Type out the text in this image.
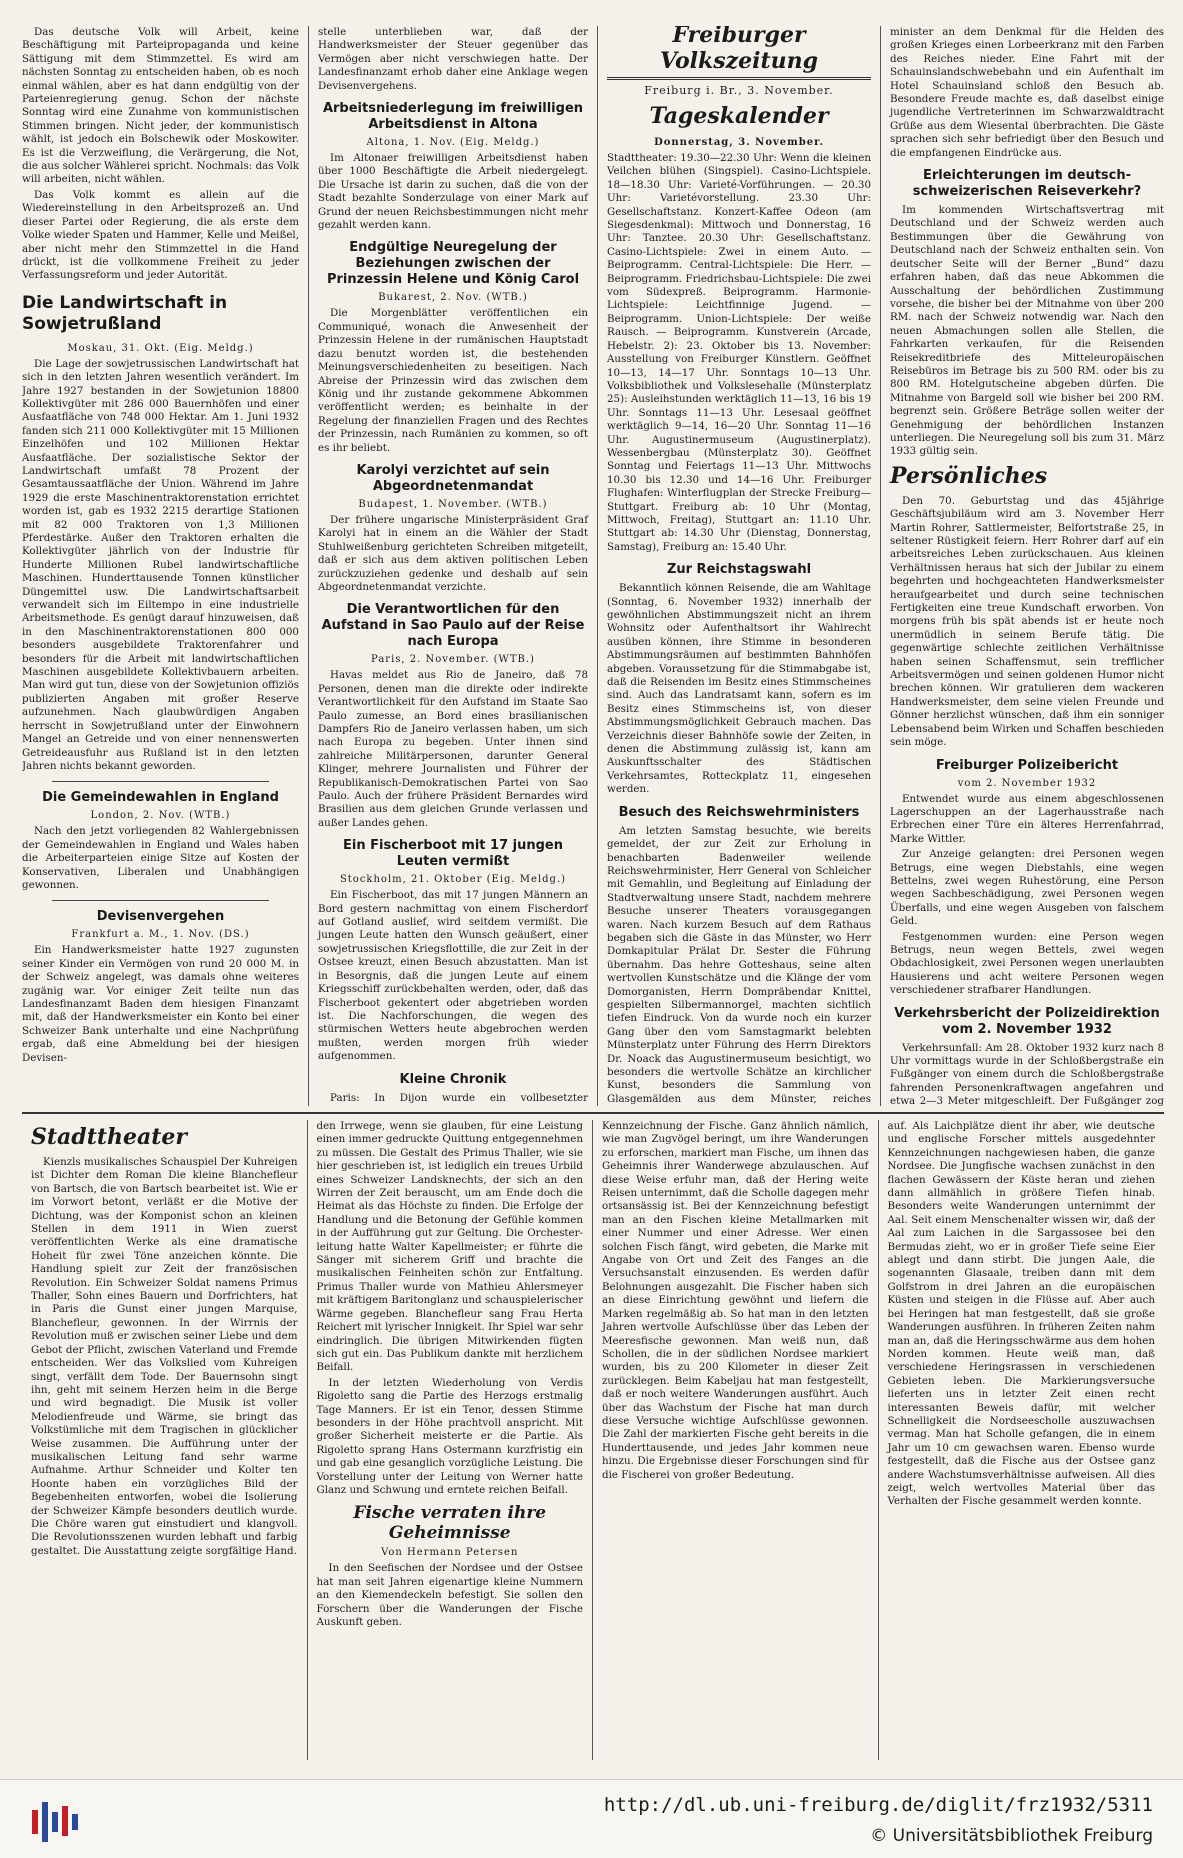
Das deutsche Volk will Arbeit, keine Beschäftigung mit Parteipropaganda und keine Sättigung mit dem Stimmzettel. Es wird am nächsten Sonntag zu entscheiden haben, ob es noch einmal wählen, aber es hat dann endgültig von der Parteienregierung genug. Schon der nächste Sonntag wird eine Zunahme von kommunistischen Stimmen bringen. Nicht jeder, der kommunistisch wählt, ist jedoch ein Bolschewik oder Moskowiter. Es ist die Verzweiflung, die Verärgerung, die Not, die aus solcher Wählerei spricht. Nochmals: das Volk will arbeiten, nicht wählen.

Das Volk kommt es allein auf die Wiedereinstellung in den Arbeitsprozeß an. Und dieser Partei oder Regierung, die als erste dem Volke wieder Spaten und Hammer, Kelle und Meißel, aber nicht mehr den Stimmzettel in die Hand drückt, ist die vollkommene Freiheit zu jeder Verfassungsreform und jeder Autorität.

Die Landwirtschaft in Sowjetrußland
Moskau, 31. Okt. (Eig. Meldg.)

Die Lage der sowjetrussischen Landwirtschaft hat sich in den letzten Jahren wesentlich verändert. Im Jahre 1927 bestanden in der Sowjetunion 18800 Kollektivgüter mit 286 000 Bauernhöfen und einer Ausfaatfläche von 748 000 Hektar. Am 1. Juni 1932 fanden sich 211 000 Kollektivgüter mit 15 Millionen Einzelhöfen und 102 Millionen Hektar Ausfaatfläche. Der sozialistische Sektor der Landwirtschaft umfaßt 78 Prozent der Gesamtaussaatfläche der Union. Während im Jahre 1929 die erste Maschinentraktorenstation errichtet worden ist, gab es 1932 2215 derartige Stationen mit 82 000 Traktoren von 1,3 Millionen Pferdestärke. Außer den Traktoren erhalten die Kollektivgüter jährlich von der Industrie für Hunderte Millionen Rubel landwirtschaftliche Maschinen. Hunderttausende Tonnen künstlicher Düngemittel usw. Die Landwirtschaftsarbeit verwandelt sich im Eiltempo in eine industrielle Arbeitsmethode. Es genügt darauf hinzuweisen, daß in den Maschinentraktorenstationen 800 000 besonders ausgebildete Traktorenfahrer und besonders für die Arbeit mit landwirtschaftlichen Maschinen ausgebildete Kollektivbauern arbeiten. Man wird gut tun, diese von der Sowjetunion offiziös publizierten Angaben mit großer Reserve aufzunehmen. Nach glaubwürdigen Angaben herrscht in Sowjetrußland unter der Einwohnern Mangel an Getreide und von einer nennenswerten Getreideausfuhr aus Rußland ist in den letzten Jahren nichts bekannt geworden.

Die Gemeindewahlen in England
London, 2. Nov. (WTB.)

Nach den jetzt vorliegenden 82 Wahlergebnissen der Gemeindewahlen in England und Wales haben die Arbeiterparteien einige Sitze auf Kosten der Konservativen, Liberalen und Unabhängigen gewonnen.

Devisenvergehen
Frankfurt a. M., 1. Nov. (DS.)

Ein Handwerksmeister hatte 1927 zugunsten seiner Kinder ein Vermögen von rund 20 000 M. in der Schweiz angelegt, was damals ohne weiteres zugänig war. Vor einiger Zeit teilte nun das Landesfinanzamt Baden dem hiesigen Finanzamt mit, daß der Handwerksmeister ein Konto bei einer Schweizer Bank unterhalte und eine Nachprüfung ergab, daß eine Abmeldung bei der hiesigen Devisen-

stelle unterblieben war, daß der Handwerksmeister der Steuer gegenüber das Vermögen aber nicht verschwiegen hatte. Der Landesfinanzamt erhob daher eine Anklage wegen Devisenvergehens.

Arbeitsniederlegung im freiwilligen Arbeitsdienst in Altona
Altona, 1. Nov. (Eig. Meldg.)

Im Altonaer freiwilligen Arbeitsdienst haben über 1000 Beschäftigte die Arbeit niedergelegt. Die Ursache ist darin zu suchen, daß die von der Stadt bezahlte Sonderzulage von einer Mark auf Grund der neuen Reichsbestimmungen nicht mehr gezahlt werden kann.

Endgültige Neuregelung der Beziehungen zwischen der Prinzessin Helene und König Carol
Bukarest, 2. Nov. (WTB.)

Die Morgenblätter veröffentlichen ein Communiqué, wonach die Anwesenheit der Prinzessin Helene in der rumänischen Hauptstadt dazu benutzt worden ist, die bestehenden Meinungsverschiedenheiten zu beseitigen. Nach Abreise der Prinzessin wird das zwischen dem König und ihr zustande gekommene Abkommen veröffentlicht werden; es beinhalte in der Regelung der finanziellen Fragen und des Rechtes der Prinzessin, nach Rumänien zu kommen, so oft es ihr beliebt.

Karolyi verzichtet auf sein Abgeordnetenmandat
Budapest, 1. November. (WTB.)

Der frühere ungarische Ministerpräsident Graf Karolyi hat in einem an die Wähler der Stadt Stuhlweißenburg gerichteten Schreiben mitgeteilt, daß er sich aus dem aktiven politischen Leben zurückzuziehen gedenke und deshalb auf sein Abgeordnetenmandat verzichte.

Die Verantwortlichen für den Aufstand in Sao Paulo auf der Reise nach Europa
Paris, 2. November. (WTB.)

Havas meldet aus Rio de Janeiro, daß 78 Personen, denen man die direkte oder indirekte Verantwortlichkeit für den Aufstand im Staate Sao Paulo zumesse, an Bord eines brasilianischen Dampfers Rio de Janeiro verlassen haben, um sich nach Europa zu begeben. Unter ihnen sind zahlreiche Militärpersonen, darunter General Klinger, mehrere Journalisten und Führer der Republikanisch-Demokratischen Partei von Sao Paulo. Auch der frühere Präsident Bernardes wird Brasilien aus dem gleichen Grunde verlassen und außer Landes gehen.

Ein Fischerboot mit 17 jungen Leuten vermißt
Stockholm, 21. Oktober (Eig. Meldg.)

Ein Fischerboot, das mit 17 jungen Männern an Bord gestern nachmittag von einem Fischerdorf auf Gotland auslief, wird seitdem vermißt. Die jungen Leute hatten den Wunsch geäußert, einer sowjetrussischen Kriegsflottille, die zur Zeit in der Ostsee kreuzt, einen Besuch abzustatten. Man ist in Besorgnis, daß die jungen Leute auf einem Kriegsschiff zurückbehalten werden, oder, daß das Fischerboot gekentert oder abgetrieben worden ist. Die Nachforschungen, die wegen des stürmischen Wetters heute abgebrochen werden mußten, werden morgen früh wieder aufgenommen.

Kleine Chronik

Paris: In Dijon wurde ein vollbesetzter

Freiburger Volkszeitung
Freiburg i. Br., 3. November.
Tageskalender
Donnerstag, 3. November.

Stadttheater: 19.30—22.30 Uhr: Wenn die kleinen Veilchen blühen (Singspiel). Casino-Lichtspiele. 18—18.30 Uhr: Varieté-Vorführungen. — 20.30 Uhr: Varietévorstellung. 23.30 Uhr: Gesellschaftstanz. Konzert-Kaffee Odeon (am Siegesdenkmal): Mittwoch und Donnerstag, 16 Uhr: Tanztee. 20.30 Uhr: Gesellschaftstanz. Casino-Lichtspiele: Zwei in einem Auto. — Beiprogramm. Central-Lichtspiele: Die Herr. — Beiprogramm. Friedrichsbau-Lichtspiele: Die zwei vom Südexpreß. Beiprogramm. Harmonie-Lichtspiele: Leichtfinnige Jugend. — Beiprogramm. Union-Lichtspiele: Der weiße Rausch. — Beiprogramm. Kunstverein (Arcade, Hebelstr. 2): 23. Oktober bis 13. November: Ausstellung von Freiburger Künstlern. Geöffnet 10—13, 14—17 Uhr. Sonntags 10—13 Uhr. Volksbibliothek und Volkslesehalle (Münsterplatz 25): Ausleihstunden werktäglich 11—13, 16 bis 19 Uhr. Sonntags 11—13 Uhr. Lesesaal geöffnet werktäglich 9—14, 16—20 Uhr. Sonntag 11—16 Uhr. Augustinermuseum (Augustinerplatz). Wessenbergbau (Münsterplatz 30). Geöffnet Sonntag und Feiertags 11—13 Uhr. Mittwochs 10.30 bis 12.30 und 14—16 Uhr. Freiburger Flughafen: Winterflugplan der Strecke Freiburg—Stuttgart. Freiburg ab: 10 Uhr (Montag, Mittwoch, Freitag), Stuttgart an: 11.10 Uhr. Stuttgart ab: 14.30 Uhr (Dienstag, Donnerstag, Samstag), Freiburg an: 15.40 Uhr.

Zur Reichstagswahl

Bekanntlich können Reisende, die am Wahltage (Sonntag, 6. November 1932) innerhalb der gewöhnlichen Abstimmungszeit nicht an ihrem Wohnsitz oder Aufenthaltsort ihr Wahlrecht ausüben können, ihre Stimme in besonderen Abstimmungsräumen auf bestimmten Bahnhöfen abgeben. Voraussetzung für die Stimmabgabe ist, daß die Reisenden im Besitz eines Stimmscheines sind. Auch das Landratsamt kann, sofern es im Besitz eines Stimmscheins ist, von dieser Abstimmungsmöglichkeit Gebrauch machen. Das Verzeichnis dieser Bahnhöfe sowie der Zeiten, in denen die Abstimmung zulässig ist, kann am Auskunftsschalter des Städtischen Verkehrsamtes, Rotteckplatz 11, eingesehen werden.

Besuch des Reichswehrministers

Am letzten Samstag besuchte, wie bereits gemeldet, der zur Zeit zur Erholung in benachbarten Badenweiler weilende Reichswehrminister, Herr General von Schleicher mit Gemahlin, und Begleitung auf Einladung der Stadtverwaltung unsere Stadt, nachdem mehrere Besuche unserer Theaters vorausgegangen waren. Nach kurzem Besuch auf dem Rathaus begaben sich die Gäste in das Münster, wo Herr Domkapitular Prälat Dr. Sester die Führung übernahm. Das hehre Gotteshaus, seine alten wertvollen Kunstschätze und die Klänge der vom Domorganisten, Herrn Dompräbendar Knittel, gespielten Silbermannorgel, machten sichtlich tiefen Eindruck. Von da wurde noch ein kurzer Gang über den vom Samstagmarkt belebten Münsterplatz unter Führung des Herrn Direktors Dr. Noack das Augustinermuseum besichtigt, wo besonders die wertvolle Schätze an kirchlicher Kunst, besonders die Sammlung von Glasgemälden aus dem Münster, reiches

minister an dem Denkmal für die Helden des großen Krieges einen Lorbeerkranz mit den Farben des Reiches nieder. Eine Fahrt mit der Schauinslandschwebebahn und ein Aufenthalt im Hotel Schauinsland schloß den Besuch ab. Besondere Freude machte es, daß daselbst einige jugendliche Vertreterinnen im Schwarzwaldtracht Grüße aus dem Wiesental überbrachten. Die Gäste sprachen sich sehr befriedigt über den Besuch und die empfangenen Eindrücke aus.

Erleichterungen im deutsch-schweizerischen Reiseverkehr?

Im kommenden Wirtschaftsvertrag mit Deutschland und der Schweiz werden auch Bestimmungen über die Gewährung von Deutschland nach der Schweiz enthalten sein. Von deutscher Seite will der Berner „Bund“ dazu erfahren haben, daß das neue Abkommen die Ausschaltung der behördlichen Zustimmung vorsehe, die bisher bei der Mitnahme von über 200 RM. nach der Schweiz notwendig war. Nach den neuen Abmachungen sollen alle Stellen, die Fahrkarten verkaufen, für die Reisenden Reisekreditbriefe des Mitteleuropäischen Reisebüros im Betrage bis zu 500 RM. oder bis zu 800 RM. Hotelgutscheine abgeben dürfen. Die Mitnahme von Bargeld soll wie bisher bei 200 RM. begrenzt sein. Größere Beträge sollen weiter der Genehmigung der behördlichen Instanzen unterliegen. Die Neuregelung soll bis zum 31. März 1933 gültig sein.

Persönliches

Den 70. Geburtstag und das 45jährige Geschäftsjubiläum wird am 3. November Herr Martin Rohrer, Sattlermeister, Belfortstraße 25, in seltener Rüstigkeit feiern. Herr Rohrer darf auf ein arbeitsreiches Leben zurückschauen. Aus kleinen Verhältnissen heraus hat sich der Jubilar zu einem begehrten und hochgeachteten Handwerksmeister heraufgearbeitet und durch seine technischen Fertigkeiten eine treue Kundschaft erworben. Von morgens früh bis spät abends ist er heute noch unermüdlich in seinem Berufe tätig. Die gegenwärtige schlechte zeitlichen Verhältnisse haben seinen Schaffensmut, sein trefflicher Arbeitsvermögen und seinen goldenen Humor nicht brechen können. Wir gratulieren dem wackeren Handwerksmeister, dem seine vielen Freunde und Gönner herzlichst wünschen, daß ihm ein sonniger Lebensabend beim Wirken und Schaffen beschieden sein möge.

Freiburger Polizeibericht
vom 2. November 1932

Entwendet wurde aus einem abgeschlossenen Lagerschuppen an der Lagerhausstraße nach Erbrechen einer Türe ein älteres Herrenfahrrad, Marke Wittler.

Zur Anzeige gelangten: drei Personen wegen Betrugs, eine wegen Diebstahls, eine wegen Bettelns, zwei wegen Ruhestörung, eine Person wegen Sachbeschädigung, zwei Personen wegen Überfalls, und eine wegen Ausgeben von falschem Geld.

Festgenommen wurden: eine Person wegen Betrugs, neun wegen Bettels, zwei wegen Obdachlosigkeit, zwei Personen wegen unerlaubten Hausierens und acht weitere Personen wegen verschiedener strafbarer Handlungen.

Verkehrsbericht der Polizeidirektion vom 2. November 1932

Verkehrsunfall: Am 28. Oktober 1932 kurz nach 8 Uhr vormittags wurde in der Schloßbergstraße ein Fußgänger von einem durch die Schloßbergstraße fahrenden Personenkraftwagen angefahren und etwa 2—3 Meter mitgeschleift. Der Fußgänger zog

Stadttheater

Kienzls musikalisches Schauspiel Der Kuhreigen ist Dichter dem Roman Die kleine Blanchefleur von Bartsch, die von Bartsch bearbeitet ist. Wie er im Vorwort betont, verläßt er die Motive der Dichtung, was der Komponist schon an kleinen Stellen in dem 1911 in Wien zuerst veröffentlichten Werke als eine dramatische Hoheit für zwei Töne anzeichen könnte. Die Handlung spielt zur Zeit der französischen Revolution. Ein Schweizer Soldat namens Primus Thaller, Sohn eines Bauern und Dorfrichters, hat in Paris die Gunst einer jungen Marquise, Blanchefleur, gewonnen. In der Wirrnis der Revolution muß er zwischen seiner Liebe und dem Gebot der Pflicht, zwischen Vaterland und Fremde entscheiden. Wer das Volkslied vom Kuhreigen singt, verfällt dem Tode. Der Bauernsohn singt ihn, geht mit seinem Herzen heim in die Berge und wird begnadigt. Die Musik ist voller Melodienfreude und Wärme, sie bringt das Volkstümliche mit dem Tragischen in glücklicher Weise zusammen. Die Aufführung unter der musikalischen Leitung fand sehr warme Aufnahme. Arthur Schneider und Kolter ten Hoonte haben ein vorzügliches Bild der Begebenheiten entworfen, wobei die Isolierung der Schweizer Kämpfe besonders deutlich wurde. Die Chöre waren gut einstudiert und klangvoll. Die Revolutionsszenen wurden lebhaft und farbig gestaltet. Die Ausstattung zeigte sorgfältige Hand.

den Irrwege, wenn sie glauben, für eine Leistung einen immer gedruckte Quittung entgegennehmen zu müssen. Die Gestalt des Primus Thaller, wie sie hier geschrieben ist, ist lediglich ein treues Urbild eines Schweizer Landsknechts, der sich an den Wirren der Zeit berauscht, um am Ende doch die Heimat als das Höchste zu finden. Die Erfolge der Handlung und die Betonung der Gefühle kommen in der Aufführung gut zur Geltung. Die Orchester-leitung hatte Walter Kapellmeister; er führte die Sänger mit sicherem Griff und brachte die musikalischen Feinheiten schön zur Entfaltung. Primus Thaller wurde von Mathieu Ahlersmeyer mit kräftigem Baritonglanz und schauspielerischer Wärme gegeben. Blanchefleur sang Frau Herta Reichert mit lyrischer Innigkeit. Ihr Spiel war sehr eindringlich. Die übrigen Mitwirkenden fügten sich gut ein. Das Publikum dankte mit herzlichem Beifall.

In der letzten Wiederholung von Verdis Rigoletto sang die Partie des Herzogs erstmalig Tage Manners. Er ist ein Tenor, dessen Stimme besonders in der Höhe prachtvoll anspricht. Mit großer Sicherheit meisterte er die Partie. Als Rigoletto sprang Hans Ostermann kurzfristig ein und gab eine gesanglich vorzügliche Leistung. Die Vorstellung unter der Leitung von Werner hatte Glanz und Schwung und erntete reichen Beifall.

Fische verraten ihre Geheimnisse
Von Hermann Petersen

In den Seefischen der Nordsee und der Ostsee hat man seit Jahren eigenartige kleine Nummern an den Kiemendeckeln befestigt. Sie sollen den Forschern über die Wanderungen der Fische Auskunft geben.

Kennzeichnung der Fische. Ganz ähnlich nämlich, wie man Zugvögel beringt, um ihre Wanderungen zu erforschen, markiert man Fische, um ihnen das Geheimnis ihrer Wanderwege abzulauschen. Auf diese Weise erfuhr man, daß der Hering weite Reisen unternimmt, daß die Scholle dagegen mehr ortsansässig ist. Bei der Kennzeichnung befestigt man an den Fischen kleine Metallmarken mit einer Nummer und einer Adresse. Wer einen solchen Fisch fängt, wird gebeten, die Marke mit Angabe von Ort und Zeit des Fanges an die Versuchsanstalt einzusenden. Es werden dafür Belohnungen ausgezahlt. Die Fischer haben sich an diese Einrichtung gewöhnt und liefern die Marken regelmäßig ab. So hat man in den letzten Jahren wertvolle Aufschlüsse über das Leben der Meeresfische gewonnen. Man weiß nun, daß Schollen, die in der südlichen Nordsee markiert wurden, bis zu 200 Kilometer in dieser Zeit zurücklegen. Beim Kabeljau hat man festgestellt, daß er noch weitere Wanderungen ausführt. Auch über das Wachstum der Fische hat man durch diese Versuche wichtige Aufschlüsse gewonnen. Die Zahl der markierten Fische geht bereits in die Hunderttausende, und jedes Jahr kommen neue hinzu. Die Ergebnisse dieser Forschungen sind für die Fischerei von großer Bedeutung.

auf. Als Laichplätze dient ihr aber, wie deutsche und englische Forscher mittels ausgedehnter Kennzeichnungen nachgewiesen haben, die ganze Nordsee. Die Jungfische wachsen zunächst in den flachen Gewässern der Küste heran und ziehen dann allmählich in größere Tiefen hinab. Besonders weite Wanderungen unternimmt der Aal. Seit einem Menschenalter wissen wir, daß der Aal zum Laichen in die Sargassosee bei den Bermudas zieht, wo er in großer Tiefe seine Eier ablegt und dann stirbt. Die jungen Aale, die sogenannten Glasaale, treiben dann mit dem Golfstrom in drei Jahren an die europäischen Küsten und steigen in die Flüsse auf. Aber auch bei Heringen hat man festgestellt, daß sie große Wanderungen ausführen. In früheren Zeiten nahm man an, daß die Heringsschwärme aus dem hohen Norden kommen. Heute weiß man, daß verschiedene Heringsrassen in verschiedenen Gebieten leben. Die Markierungsversuche lieferten uns in letzter Zeit einen recht interessanten Beweis dafür, mit welcher Schnelligkeit die Nordseescholle auszuwachsen vermag. Man hat Scholle gefangen, die in einem Jahr um 10 cm gewachsen waren. Ebenso wurde festgestellt, daß die Fische aus der Ostsee ganz andere Wachstumsverhältnisse aufweisen. All dies zeigt, welch wertvolles Material über das Verhalten der Fische gesammelt werden konnte.

http://dl.ub.uni-freiburg.de/diglit/frz1932/5311
© Universitätsbibliothek Freiburg
